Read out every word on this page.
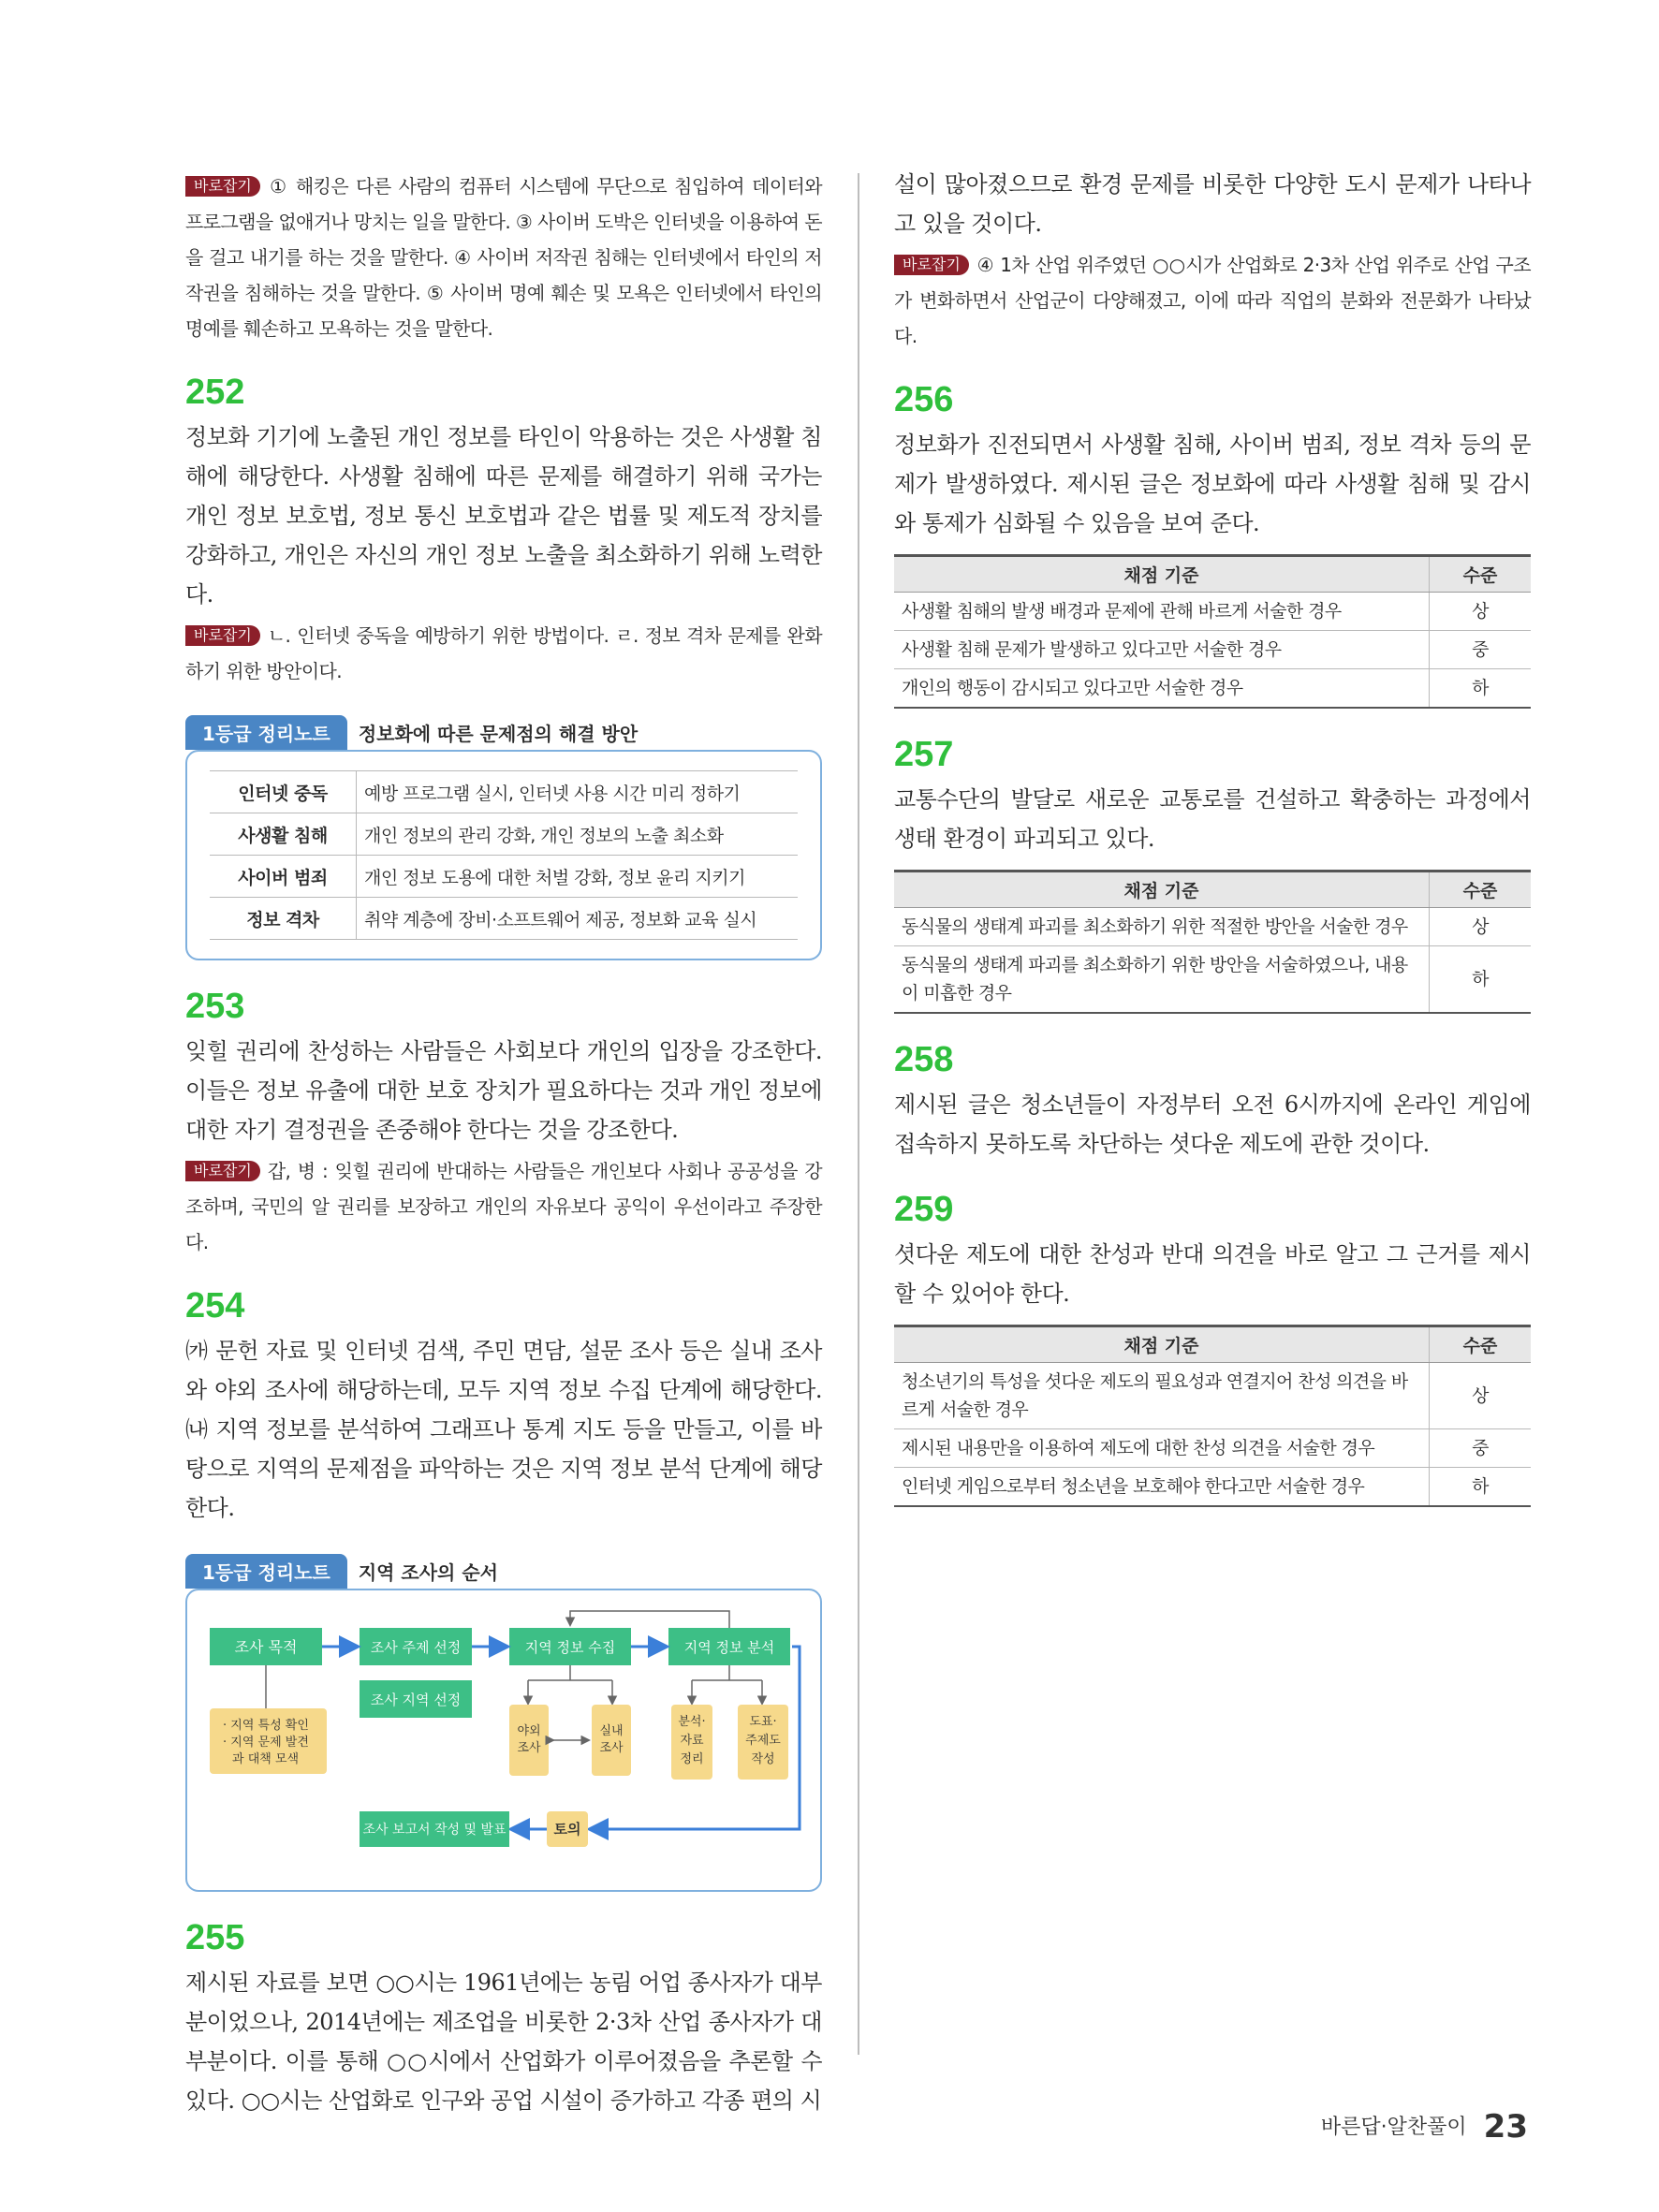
바로잡기 ① 해킹은 다른 사람의 컴퓨터 시스템에 무단으로 침입하여 데이터와 프로그램을 없애거나 망치는 일을 말한다. ③ 사이버 도박은 인터넷을 이용하여 돈을 걸고 내기를 하는 것을 말한다. ④ 사이버 저작권 침해는 인터넷에서 타인의 저작권을 침해하는 것을 말한다. ⑤ 사이버 명예 훼손 및 모욕은 인터넷에서 타인의 명예를 훼손하고 모욕하는 것을 말한다.

252

정보화 기기에 노출된 개인 정보를 타인이 악용하는 것은 사생활 침해에 해당한다. 사생활 침해에 따른 문제를 해결하기 위해 국가는 개인 정보 보호법, 정보 통신 보호법과 같은 법률 및 제도적 장치를 강화하고, 개인은 자신의 개인 정보 노출을 최소화하기 위해 노력한다.

바로잡기 ㄴ. 인터넷 중독을 예방하기 위한 방법이다. ㄹ. 정보 격차 문제를 완화하기 위한 방안이다.

1등급 정리노트	정보화에 따른 문제점의 해결 방안
인터넷 중독	예방 프로그램 실시, 인터넷 사용 시간 미리 정하기
사생활 침해	개인 정보의 관리 강화, 개인 정보의 노출 최소화
사이버 범죄	개인 정보 도용에 대한 처벌 강화, 정보 윤리 지키기
정보 격차	취약 계층에 장비·소프트웨어 제공, 정보화 교육 실시
253

잊힐 권리에 찬성하는 사람들은 사회보다 개인의 입장을 강조한다. 이들은 정보 유출에 대한 보호 장치가 필요하다는 것과 개인 정보에 대한 자기 결정권을 존중해야 한다는 것을 강조한다.

바로잡기 갑, 병 : 잊힐 권리에 반대하는 사람들은 개인보다 사회나 공공성을 강조하며, 국민의 알 권리를 보장하고 개인의 자유보다 공익이 우선이라고 주장한다.

254

㈎ 문헌 자료 및 인터넷 검색, 주민 면담, 설문 조사 등은 실내 조사와 야외 조사에 해당하는데, 모두 지역 정보 수집 단계에 해당한다. ㈏ 지역 정보를 분석하여 그래프나 통계 지도 등을 만들고, 이를 바탕으로 지역의 문제점을 파악하는 것은 지역 정보 분석 단계에 해당한다.

1등급 정리노트	지역 조사의 순서
조사 목적	조사 주제 선정	지역 정보 수집	지역 정보 분석
조사 지역 선정
· 지역 특성 확인
· 지역 문제 발견
과 대책 모색
야외
조사
실내
조사
분석·
자료
정리
도표·
주제도
작성
토의
조사 보고서 작성 및 발표
255

제시된 자료를 보면 ○○시는 1961년에는 농림 어업 종사자가 대부분이었으나, 2014년에는 제조업을 비롯한 2·3차 산업 종사자가 대부분이다. 이를 통해 ○○시에서 산업화가 이루어졌음을 추론할 수 있다. ○○시는 산업화로 인구와 공업 시설이 증가하고 각종 편의 시

설이 많아졌으므로 환경 문제를 비롯한 다양한 도시 문제가 나타나고 있을 것이다.

바로잡기 ④ 1차 산업 위주였던 ○○시가 산업화로 2·3차 산업 위주로 산업 구조가 변화하면서 산업군이 다양해졌고, 이에 따라 직업의 분화와 전문화가 나타났다.

256

정보화가 진전되면서 사생활 침해, 사이버 범죄, 정보 격차 등의 문제가 발생하였다. 제시된 글은 정보화에 따라 사생활 침해 및 감시와 통제가 심화될 수 있음을 보여 준다.

채점 기준	수준
사생활 침해의 발생 배경과 문제에 관해 바르게 서술한 경우	상
사생활 침해 문제가 발생하고 있다고만 서술한 경우	중
개인의 행동이 감시되고 있다고만 서술한 경우	하
257

교통수단의 발달로 새로운 교통로를 건설하고 확충하는 과정에서 생태 환경이 파괴되고 있다.

채점 기준	수준
동식물의 생태계 파괴를 최소화하기 위한 적절한 방안을 서술한 경우	상
동식물의 생태계 파괴를 최소화하기 위한 방안을 서술하였으나, 내용이 미흡한 경우	하
258

제시된 글은 청소년들이 자정부터 오전 6시까지에 온라인 게임에 접속하지 못하도록 차단하는 셧다운 제도에 관한 것이다.

259

셧다운 제도에 대한 찬성과 반대 의견을 바로 알고 그 근거를 제시할 수 있어야 한다.

채점 기준	수준
청소년기의 특성을 셧다운 제도의 필요성과 연결지어 찬성 의견을 바르게 서술한 경우	상
제시된 내용만을 이용하여 제도에 대한 찬성 의견을 서술한 경우	중
인터넷 게임으로부터 청소년을 보호해야 한다고만 서술한 경우	하
바른답·알찬풀이 23
